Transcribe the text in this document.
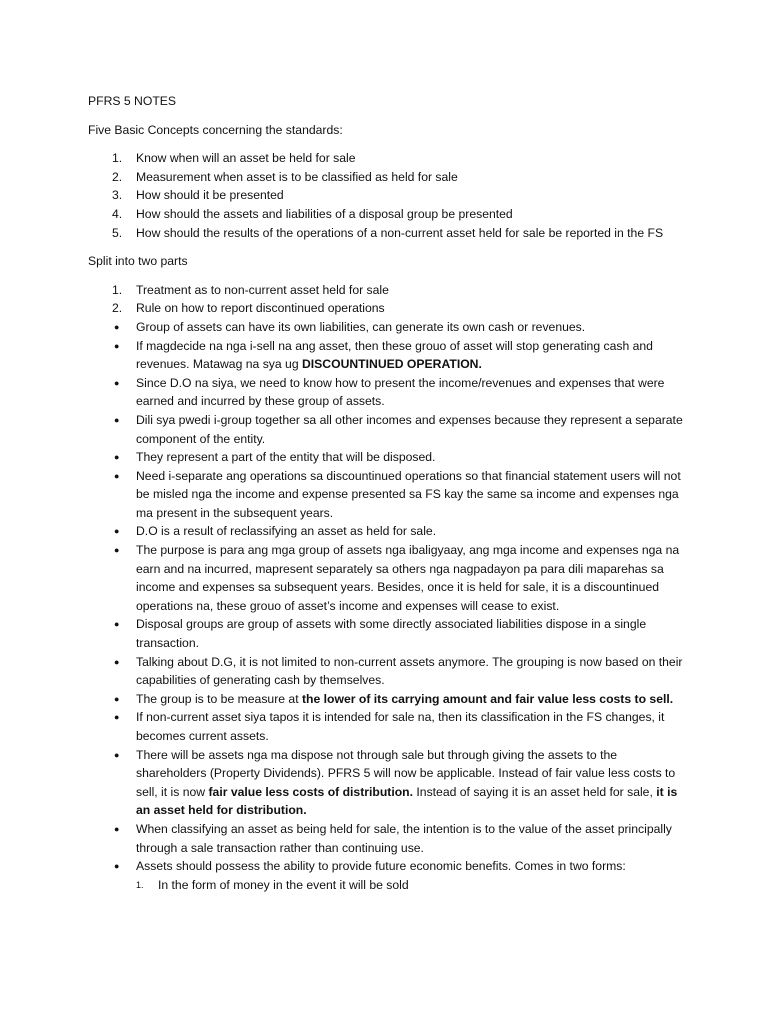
PFRS 5 NOTES
Five Basic Concepts concerning the standards:
1.	Know when will an asset be held for sale
2.	Measurement when asset is to be classified as held for sale
3.	How should it be presented
4.	How should the assets and liabilities of a disposal group be presented
5.	How should the results of the operations of a non-current asset held for sale be reported in the FS
Split into two parts
1.	Treatment as to non-current asset held for sale
2.	Rule on how to report discontinued operations
●	Group of assets can have its own liabilities, can generate its own cash or revenues.
●	If magdecide na nga i-sell na ang asset, then these grouo of asset will stop generating cash and revenues. Matawag na sya ug DISCOUNTINUED OPERATION.
●	Since D.O na siya, we need to know how to present the income/revenues and expenses that were earned and incurred by these group of assets.
●	Dili sya pwedi i-group together sa all other incomes and expenses because they represent a separate component of the entity.
●	They represent a part of the entity that will be disposed.
●	Need i-separate ang operations sa discountinued operations so that financial statement users will not be misled nga the income and expense presented sa FS kay the same sa income and expenses nga ma present in the subsequent years.
●	D.O is a result of reclassifying an asset as held for sale.
●	The purpose is para ang mga group of assets nga ibaligyaay, ang mga income and expenses nga na earn and na incurred, mapresent separately sa others nga nagpadayon pa para dili maparehas sa income and expenses sa subsequent years. Besides, once it is held for sale, it is a discountinued operations na, these grouo of asset’s income and expenses will cease to exist.
●	Disposal groups are group of assets with some directly associated liabilities dispose in a single transaction.
●	Talking about D.G, it is not limited to non-current assets anymore. The grouping is now based on their capabilities of generating cash by themselves.
●	The group is to be measure at the lower of its carrying amount and fair value less costs to sell.
●	If non-current asset siya tapos it is intended for sale na, then its classification in the FS changes, it becomes current assets.
●	There will be assets nga ma dispose not through sale but through giving the assets to the shareholders (Property Dividends). PFRS 5 will now be applicable. Instead of fair value less costs to sell, it is now fair value less costs of distribution. Instead of saying it is an asset held for sale, it is an asset held for distribution.
●	When classifying an asset as being held for sale, the intention is to the value of the asset principally through a sale transaction rather than continuing use.
●	Assets should possess the ability to provide future economic benefits. Comes in two forms:
1.	In the form of money in the event it will be sold
